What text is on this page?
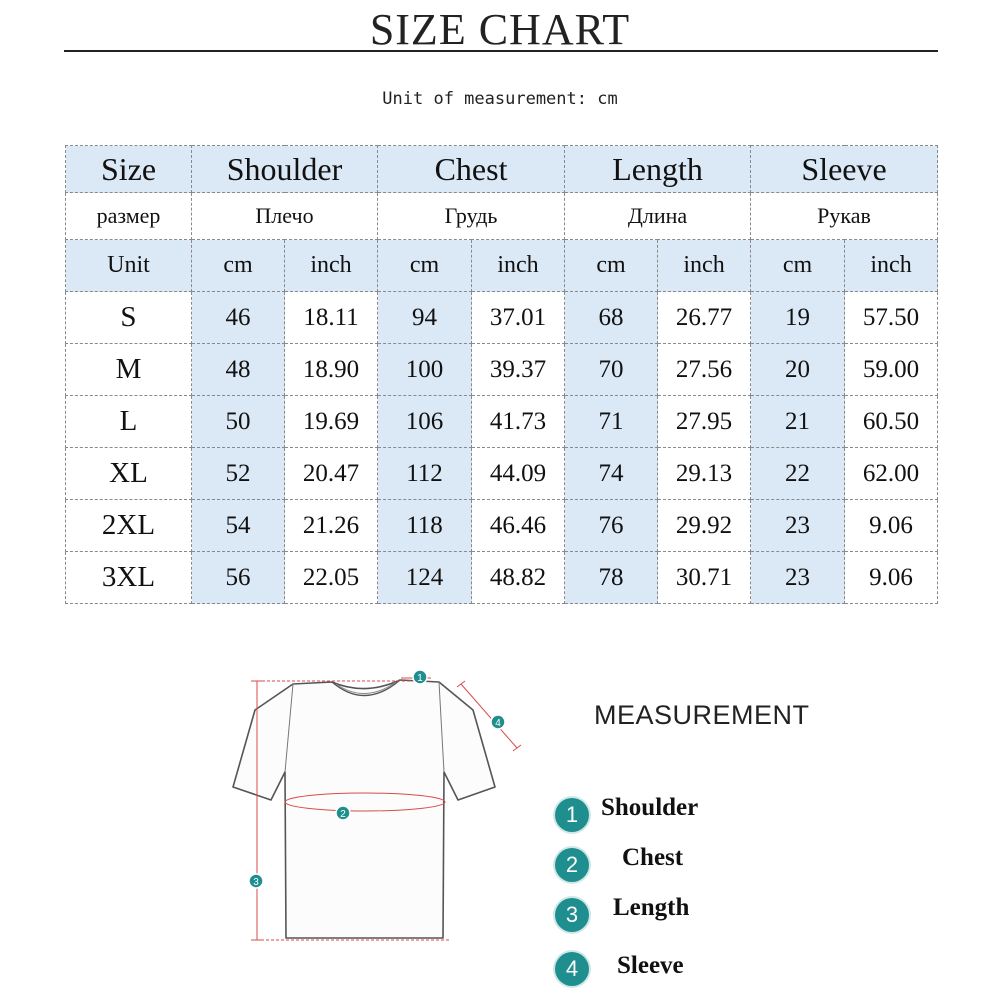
SIZE CHART
Unit of measurement: cm
Size	Shoulder		Chest		Length		Sleeve	
размер	Плечо		Грудь		Длина		Рукав	
Unit	cm	inch	cm	inch	cm	inch	cm	inch
S	46	18.11	94	37.01	68	26.77	19	57.50
M	48	18.90	100	39.37	70	27.56	20	59.00
L	50	19.69	106	41.73	71	27.95	21	60.50
XL	52	20.47	112	44.09	74	29.13	22	62.00
2XL	54	21.26	118	46.46	76	29.92	23	9.06
3XL	56	22.05	124	48.82	78	30.71	23	9.06
1
2
3
4	MEASUREMENT
1 Shoulder
2	Chest
3	Length
4	Sleeve
